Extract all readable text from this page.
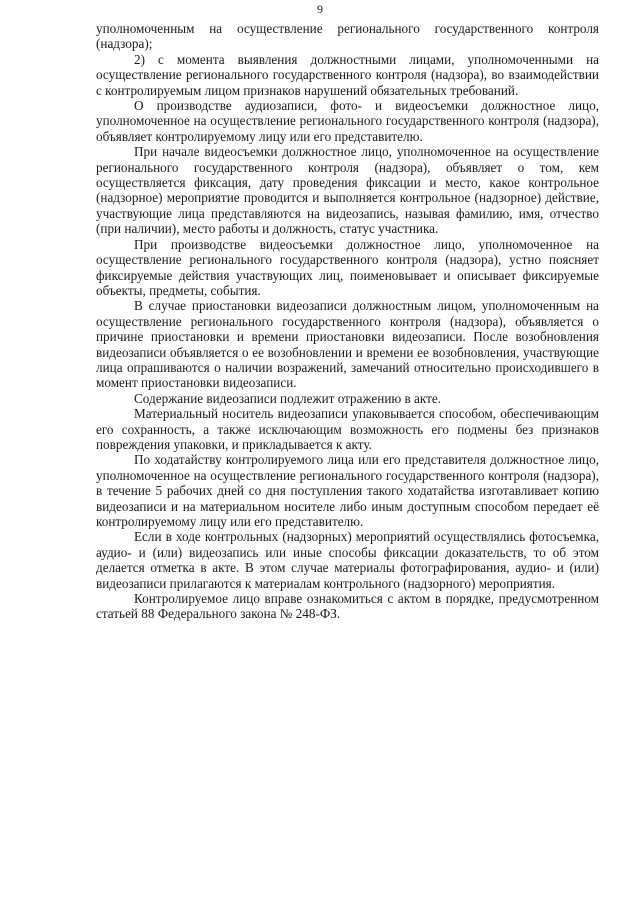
9

уполномоченным на осуществление регионального государственного контроля (надзора);

2) с момента выявления должностными лицами, уполномоченными на осуществление регионального государственного контроля (надзора), во взаимодействии с контролируемым лицом признаков нарушений обязательных требований.

О производстве аудиозаписи, фото- и видеосъемки должностное лицо, уполномоченное на осуществление регионального государственного контроля (надзора), объявляет контролируемому лицу или его представителю.

При начале видеосъемки должностное лицо, уполномоченное на осуществление регионального государственного контроля (надзора), объявляет о том, кем осуществляется фиксация, дату проведения фиксации и место, какое контрольное (надзорное) мероприятие проводится и выполняется контрольное (надзорное) действие, участвующие лица представляются на видеозапись, называя фамилию, имя, отчество (при наличии), место работы и должность, статус участника.

При производстве видеосъемки должностное лицо, уполномоченное на осуществление регионального государственного контроля (надзора), устно поясняет фиксируемые действия участвующих лиц, поименовывает и описывает фиксируемые объекты, предметы, события.

В случае приостановки видеозаписи должностным лицом, уполномоченным на осуществление регионального государственного контроля (надзора), объявляется о причине приостановки и времени приостановки видеозаписи. После возобновления видеозаписи объявляется о ее возобновлении и времени ее возобновления, участвующие лица опрашиваются о наличии возражений, замечаний относительно происходившего в момент приостановки видеозаписи.

Содержание видеозаписи подлежит отражению в акте.

Материальный носитель видеозаписи упаковывается способом, обеспечивающим его сохранность, а также исключающим возможность его подмены без признаков повреждения упаковки, и прикладывается к акту.

По ходатайству контролируемого лица или его представителя должностное лицо, уполномоченное на осуществление регионального государственного контроля (надзора), в течение 5 рабочих дней со дня поступления такого ходатайства изготавливает копию видеозаписи и на материальном носителе либо иным доступным способом передает её контролируемому лицу или его представителю.

Если в ходе контрольных (надзорных) мероприятий осуществлялись фотосъемка, аудио- и (или) видеозапись или иные способы фиксации доказательств, то об этом делается отметка в акте. В этом случае материалы фотографирования, аудио- и (или) видеозаписи прилагаются к материалам контрольного (надзорного) мероприятия.

Контролируемое лицо вправе ознакомиться с актом в порядке, предусмотренном статьей 88 Федерального закона № 248-ФЗ.
